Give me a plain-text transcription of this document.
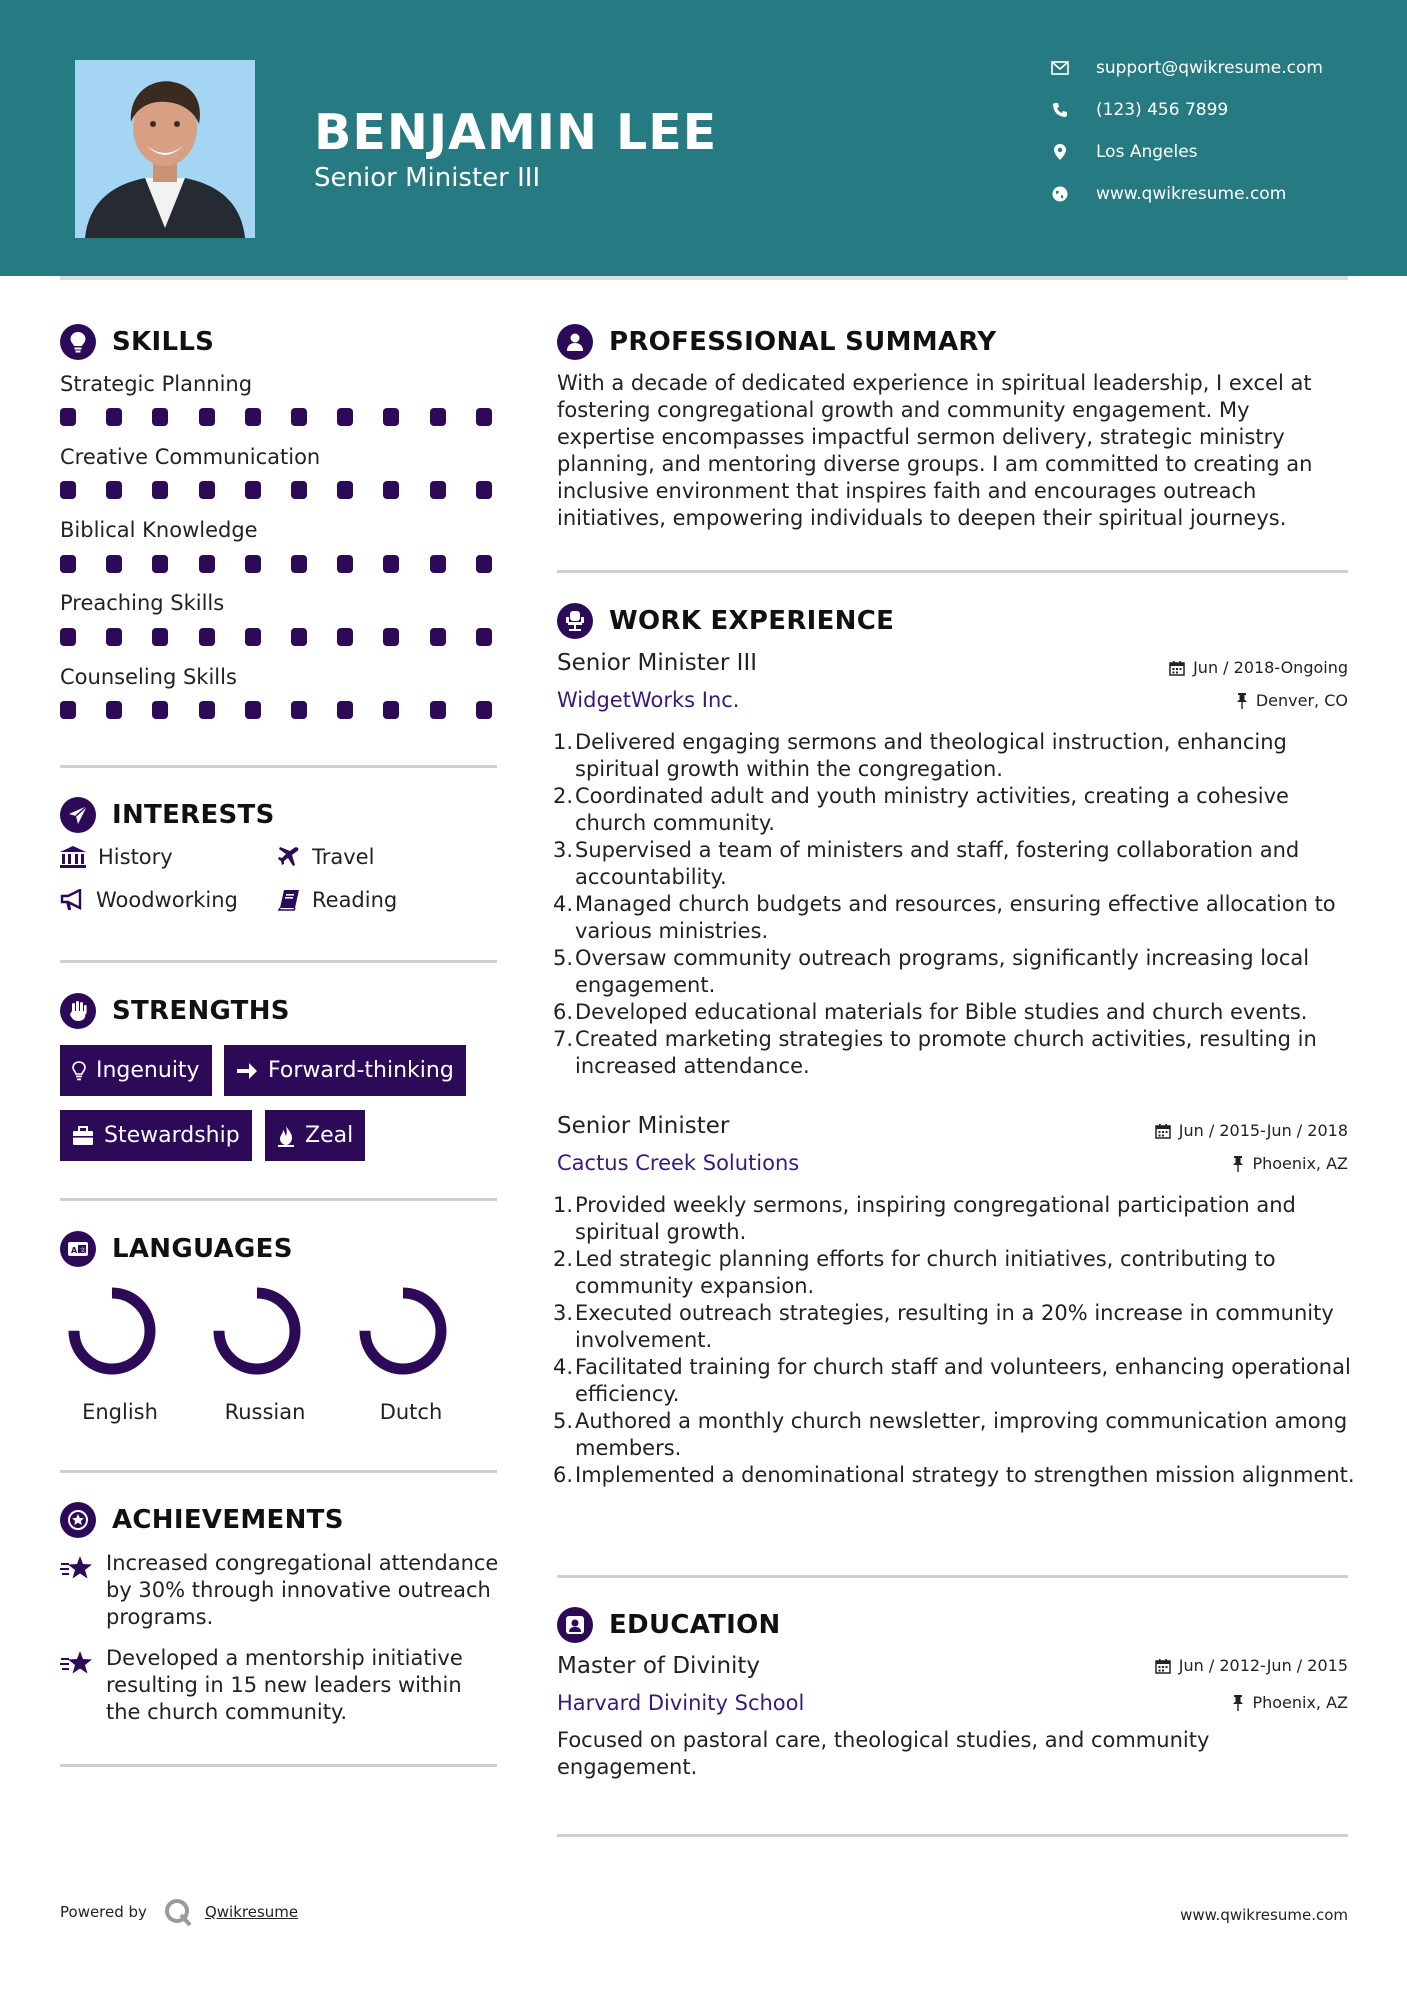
BENJAMIN LEE
Senior Minister III
support@qwikresume.com
(123) 456 7899
Los Angeles
www.qwikresume.com
SKILLS
Strategic Planning
Creative Communication
Biblical Knowledge
Preaching Skills
Counseling Skills
INTERESTS
History	Travel
Woodworking	Reading
STRENGTHS
Ingenuity	Forward-thinking
Stewardship	Zeal
A 文 LANGUAGES
English	Russian	Dutch
ACHIEVEMENTS
Increased congregational attendance by 30% through innovative outreach programs.
Developed a mentorship initiative resulting in 15 new leaders within the church community.
PROFESSIONAL SUMMARY
With a decade of dedicated experience in spiritual leadership, I excel at fostering congregational growth and community engagement. My expertise encompasses impactful sermon delivery, strategic ministry planning, and mentoring diverse groups. I am committed to creating an inclusive environment that inspires faith and encourages outreach initiatives, empowering individuals to deepen their spiritual journeys.
WORK EXPERIENCE
Senior Minister III	Jun / 2018-Ongoing
WidgetWorks Inc.	Denver, CO
1. Delivered engaging sermons and theological instruction, enhancing spiritual growth within the congregation.
2. Coordinated adult and youth ministry activities, creating a cohesive church community.
3. Supervised a team of ministers and staff, fostering collaboration and accountability.
4. Managed church budgets and resources, ensuring effective allocation to various ministries.
5. Oversaw community outreach programs, significantly increasing local engagement.
6. Developed educational materials for Bible studies and church events.
7. Created marketing strategies to promote church activities, resulting in increased attendance.
Senior Minister	Jun / 2015-Jun / 2018
Cactus Creek Solutions	Phoenix, AZ
1. Provided weekly sermons, inspiring congregational participation and spiritual growth.
2. Led strategic planning efforts for church initiatives, contributing to community expansion.
3. Executed outreach strategies, resulting in a 20% increase in community involvement.
4. Facilitated training for church staff and volunteers, enhancing operational efficiency.
5. Authored a monthly church newsletter, improving communication among members.
6. Implemented a denominational strategy to strengthen mission alignment.
EDUCATION
Master of Divinity	Jun / 2012-Jun / 2015
Harvard Divinity School	Phoenix, AZ
Focused on pastoral care, theological studies, and community engagement.
Powered by	Qwikresume	www.qwikresume.com
